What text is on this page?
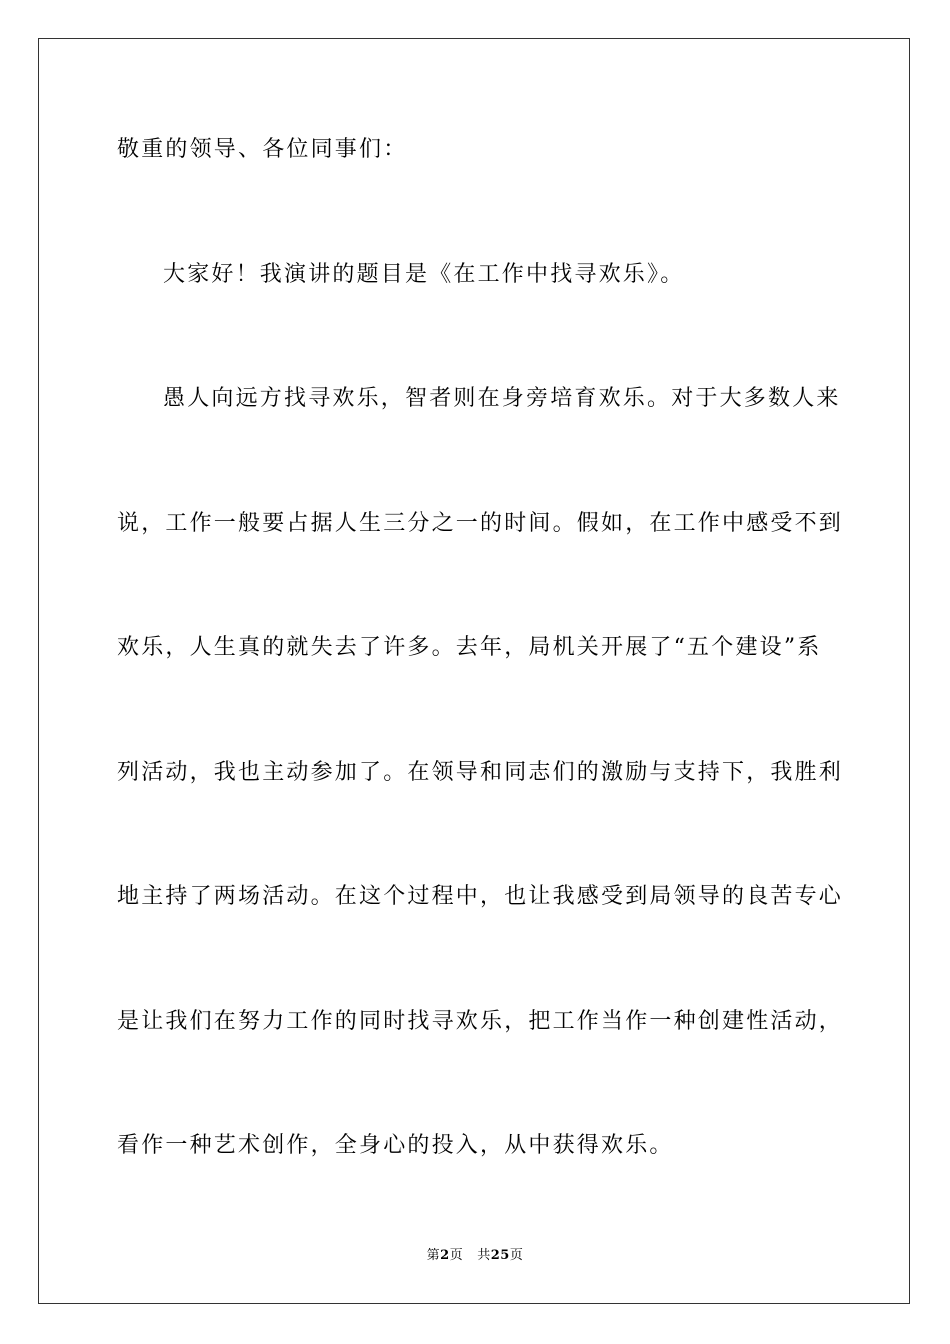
敬重的领导、各位同事们：
大家好！我演讲的题目是《在工作中找寻欢乐》。
愚人向远方找寻欢乐，智者则在身旁培育欢乐。对于大多数人来
说，工作一般要占据人生三分之一的时间。假如，在工作中感受不到
欢乐，人生真的就失去了许多。去年，局机关开展了“五个建设”系
列活动，我也主动参加了。在领导和同志们的激励与支持下，我胜利
地主持了两场活动。在这个过程中，也让我感受到局领导的良苦专心
是让我们在努力工作的同时找寻欢乐，把工作当作一种创建性活动，
看作一种艺术创作，全身心的投入，从中获得欢乐。
第2页 共25页
